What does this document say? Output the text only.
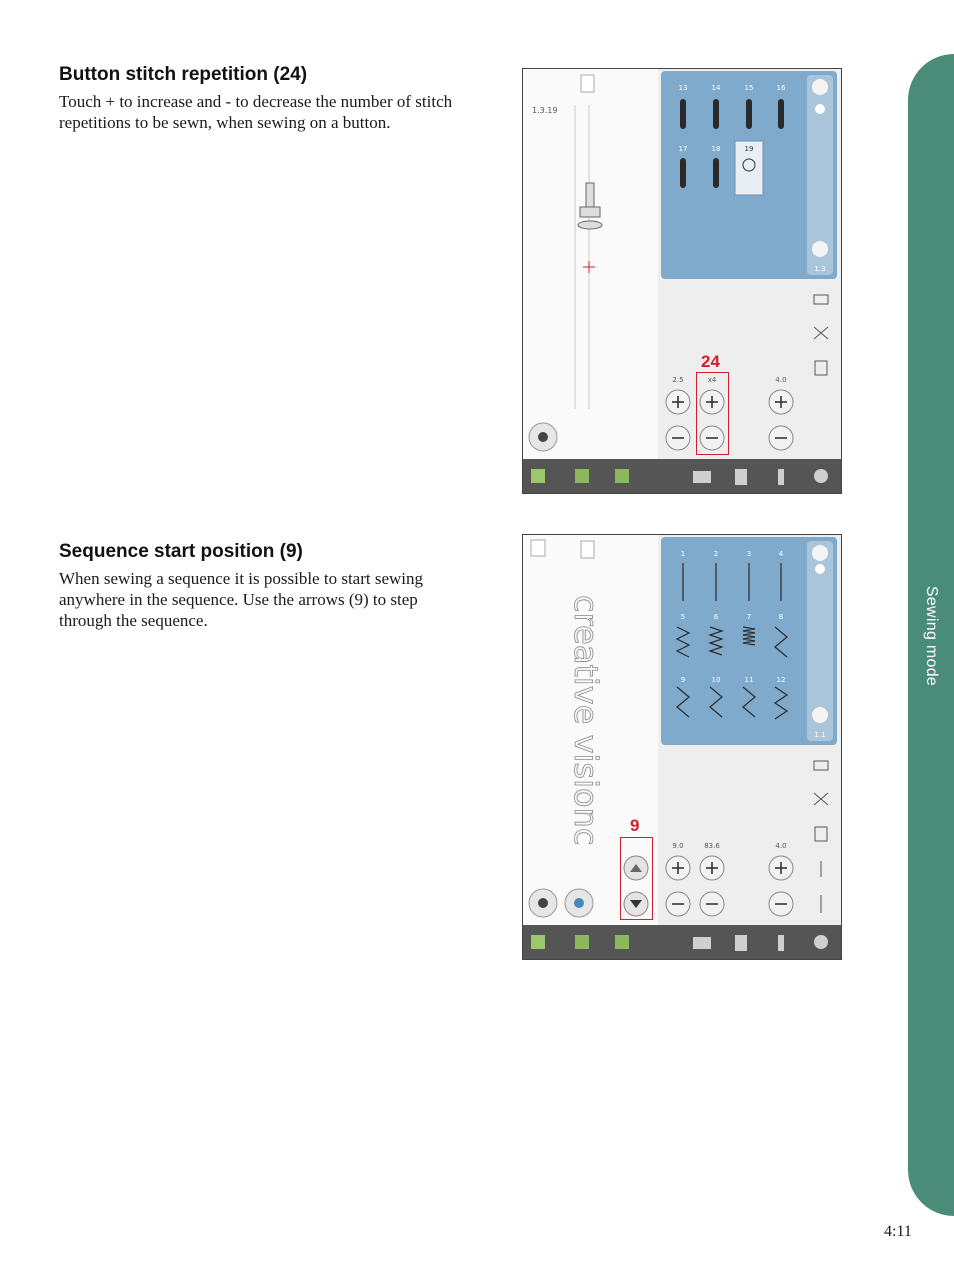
Sewing mode
Button stitch repetition (24)

Touch + to increase and - to decrease the number of stitch repetitions to be sewn, when sewing on a button.

1.3.19
13	14	15	16
17	18	19
1.3
2.5	x4	4.0
24
Sequence start position (9)

When sewing a sequence it is possible to start sewing anywhere in the sequence. Use the arrows (9) to step through the sequence.	creative visionc
1	2	3	4
5	6	7	8
9	10	11	12
1.1
9.0	83.6	4.0
9
4:11
